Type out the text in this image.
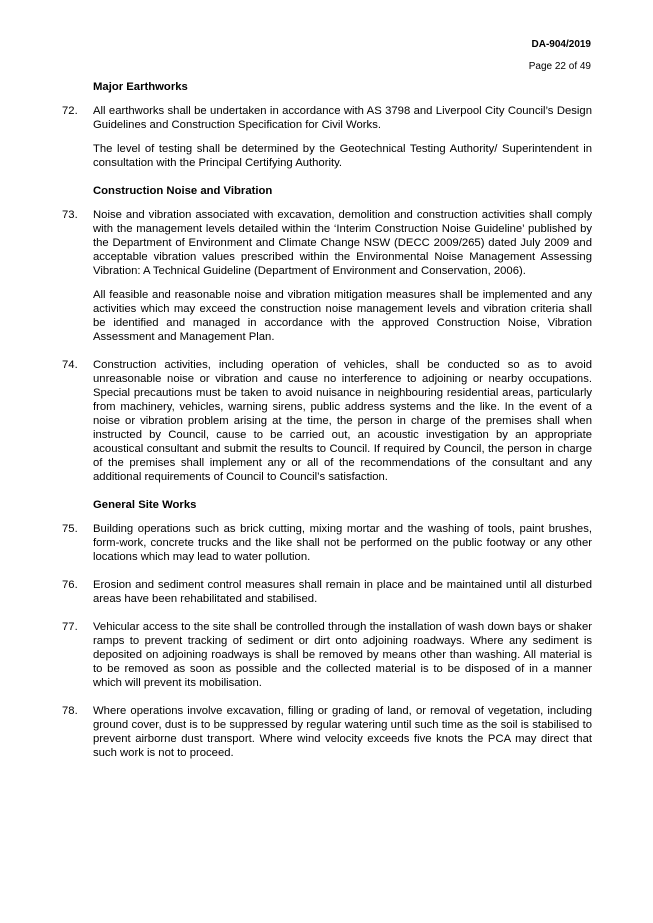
DA-904/2019
Page 22 of 49
Major Earthworks
72.	All earthworks shall be undertaken in accordance with AS 3798 and Liverpool City Council’s Design Guidelines and Construction Specification for Civil Works.

The level of testing shall be determined by the Geotechnical Testing Authority/ Superintendent in consultation with the Principal Certifying Authority.

Construction Noise and Vibration
73.	Noise and vibration associated with excavation, demolition and construction activities shall comply with the management levels detailed within the ‘Interim Construction Noise Guideline’ published by the Department of Environment and Climate Change NSW (DECC 2009/265) dated July 2009 and acceptable vibration values prescribed within the Environmental Noise Management Assessing Vibration: A Technical Guideline (Department of Environment and Conservation, 2006).

All feasible and reasonable noise and vibration mitigation measures shall be implemented and any activities which may exceed the construction noise management levels and vibration criteria shall be identified and managed in accordance with the approved Construction Noise, Vibration Assessment and Management Plan.

74.	Construction activities, including operation of vehicles, shall be conducted so as to avoid unreasonable noise or vibration and cause no interference to adjoining or nearby occupations. Special precautions must be taken to avoid nuisance in neighbouring residential areas, particularly from machinery, vehicles, warning sirens, public address systems and the like. In the event of a noise or vibration problem arising at the time, the person in charge of the premises shall when instructed by Council, cause to be carried out, an acoustic investigation by an appropriate acoustical consultant and submit the results to Council. If required by Council, the person in charge of the premises shall implement any or all of the recommendations of the consultant and any additional requirements of Council to Council’s satisfaction.

General Site Works
75.	Building operations such as brick cutting, mixing mortar and the washing of tools, paint brushes, form-work, concrete trucks and the like shall not be performed on the public footway or any other locations which may lead to water pollution.

76.	Erosion and sediment control measures shall remain in place and be maintained until all disturbed areas have been rehabilitated and stabilised.

77.	Vehicular access to the site shall be controlled through the installation of wash down bays or shaker ramps to prevent tracking of sediment or dirt onto adjoining roadways. Where any sediment is deposited on adjoining roadways is shall be removed by means other than washing. All material is to be removed as soon as possible and the collected material is to be disposed of in a manner which will prevent its mobilisation.

78.	Where operations involve excavation, filling or grading of land, or removal of vegetation, including ground cover, dust is to be suppressed by regular watering until such time as the soil is stabilised to prevent airborne dust transport. Where wind velocity exceeds five knots the PCA may direct that such work is not to proceed.
